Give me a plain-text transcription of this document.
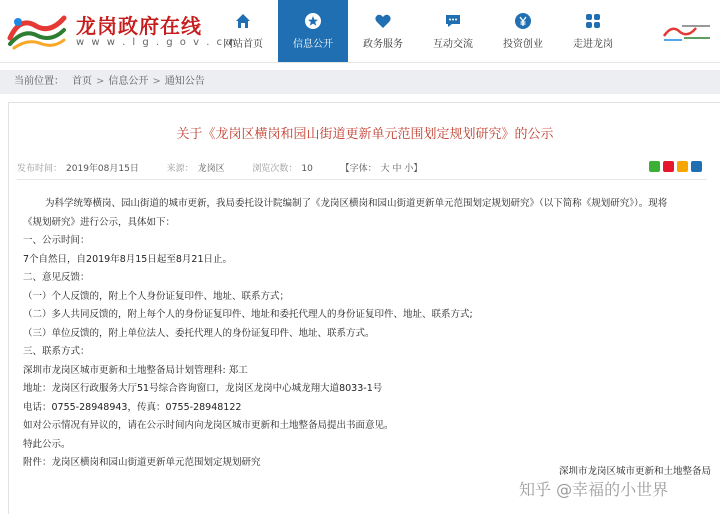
龙岗政府在线
w w w . l g . g o v . c n
网站首页	信息公开	政务服务	互动交流	投资创业	走进龙岗
当前位置： 首页 > 信息公开 > 通知公告
关于《龙岗区横岗和园山街道更新单元范围划定规划研究》的公示
发布时间： 2019年08月15日	来源： 龙岗区	浏览次数： 10	【字体： 大 中 小】

为科学统筹横岗、园山街道的城市更新，我局委托设计院编制了《龙岗区横岗和园山街道更新单元范围划定规划研究》（以下简称《规划研究》）。现将

《规划研究》进行公示，具体如下：

一、公示时间：

7个自然日，自2019年8月15日起至8月21日止。

二、意见反馈：

（一）个人反馈的，附上个人身份证复印件、地址、联系方式；

（二）多人共同反馈的，附上每个人的身份证复印件、地址和委托代理人的身份证复印件、地址、联系方式;

（三）单位反馈的，附上单位法人、委托代理人的身份证复印件、地址、联系方式。

三、联系方式：

深圳市龙岗区城市更新和土地整备局计划管理科: 郑工

地址：龙岗区行政服务大厅51号综合咨询窗口，龙岗区龙岗中心城龙翔大道8033-1号

电话：0755-28948943，传真：0755-28948122

如对公示情况有异议的，请在公示时间内向龙岗区城市更新和土地整备局提出书面意见。

特此公示。

附件：龙岗区横岗和园山街道更新单元范围划定规划研究

深圳市龙岗区城市更新和土地整备局
知乎 @幸福的小世界
